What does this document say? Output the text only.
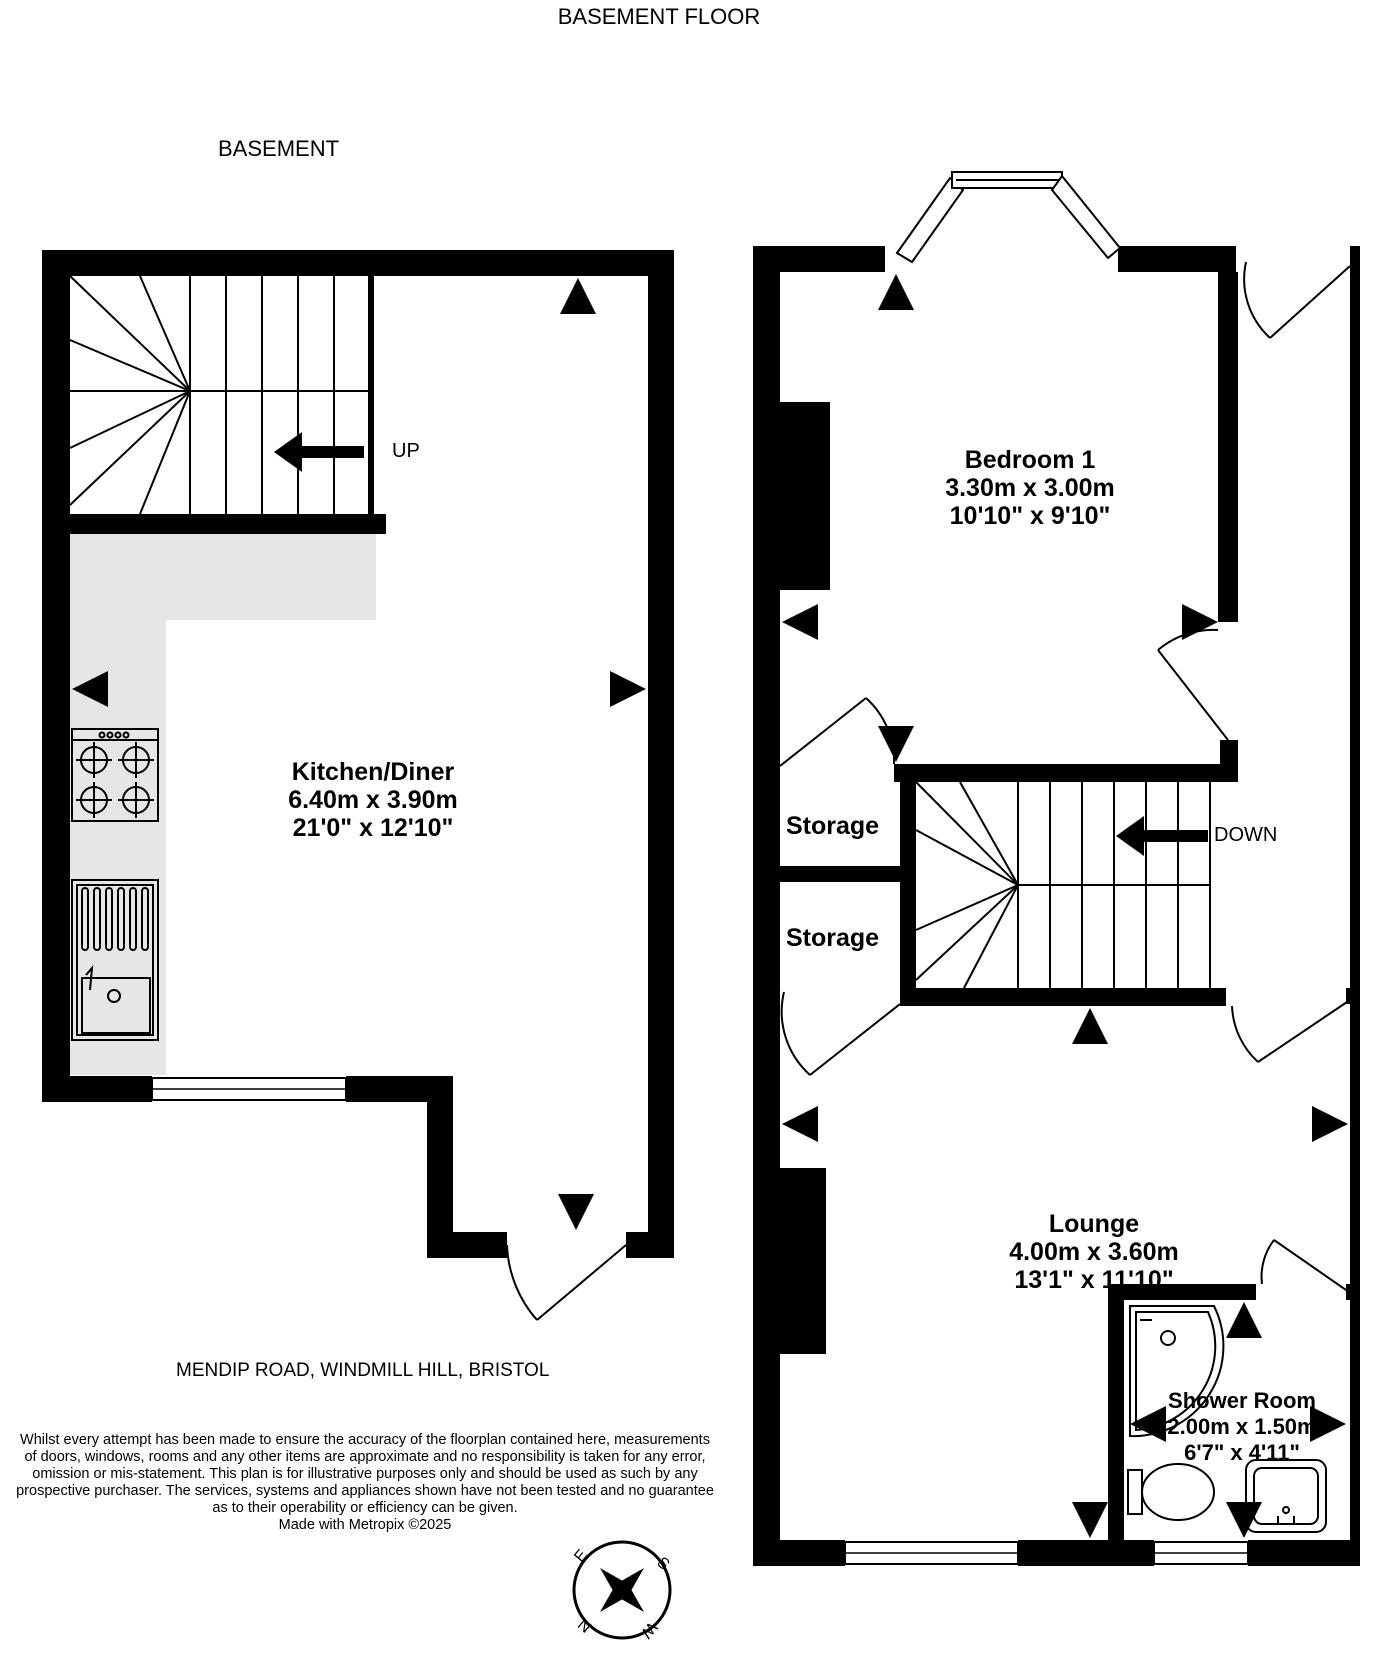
S
W
N
E
BASEMENT FLOOR
BASEMENT
Kitchen/Diner
6.40m x 3.90m
21'0" x 12'10"
Bedroom 1
3.30m x 3.00m
10'10" x 9'10"
Lounge
4.00m x 3.60m
13'1" x 11'10"
Shower Room
2.00m x 1.50m
6'7" x 4'11"
Storage
Storage
UP
DOWN
MENDIP ROAD, WINDMILL HILL, BRISTOL

Whilst every attempt has been made to ensure the accuracy of the floorplan contained here, measurements

of doors, windows, rooms and any other items are approximate and no responsibility is taken for any error,

omission or mis-statement. This plan is for illustrative purposes only and should be used as such by any

prospective purchaser. The services, systems and appliances shown have not been tested and no guarantee

as to their operability or efficiency can be given.

Made with Metropix ©2025
